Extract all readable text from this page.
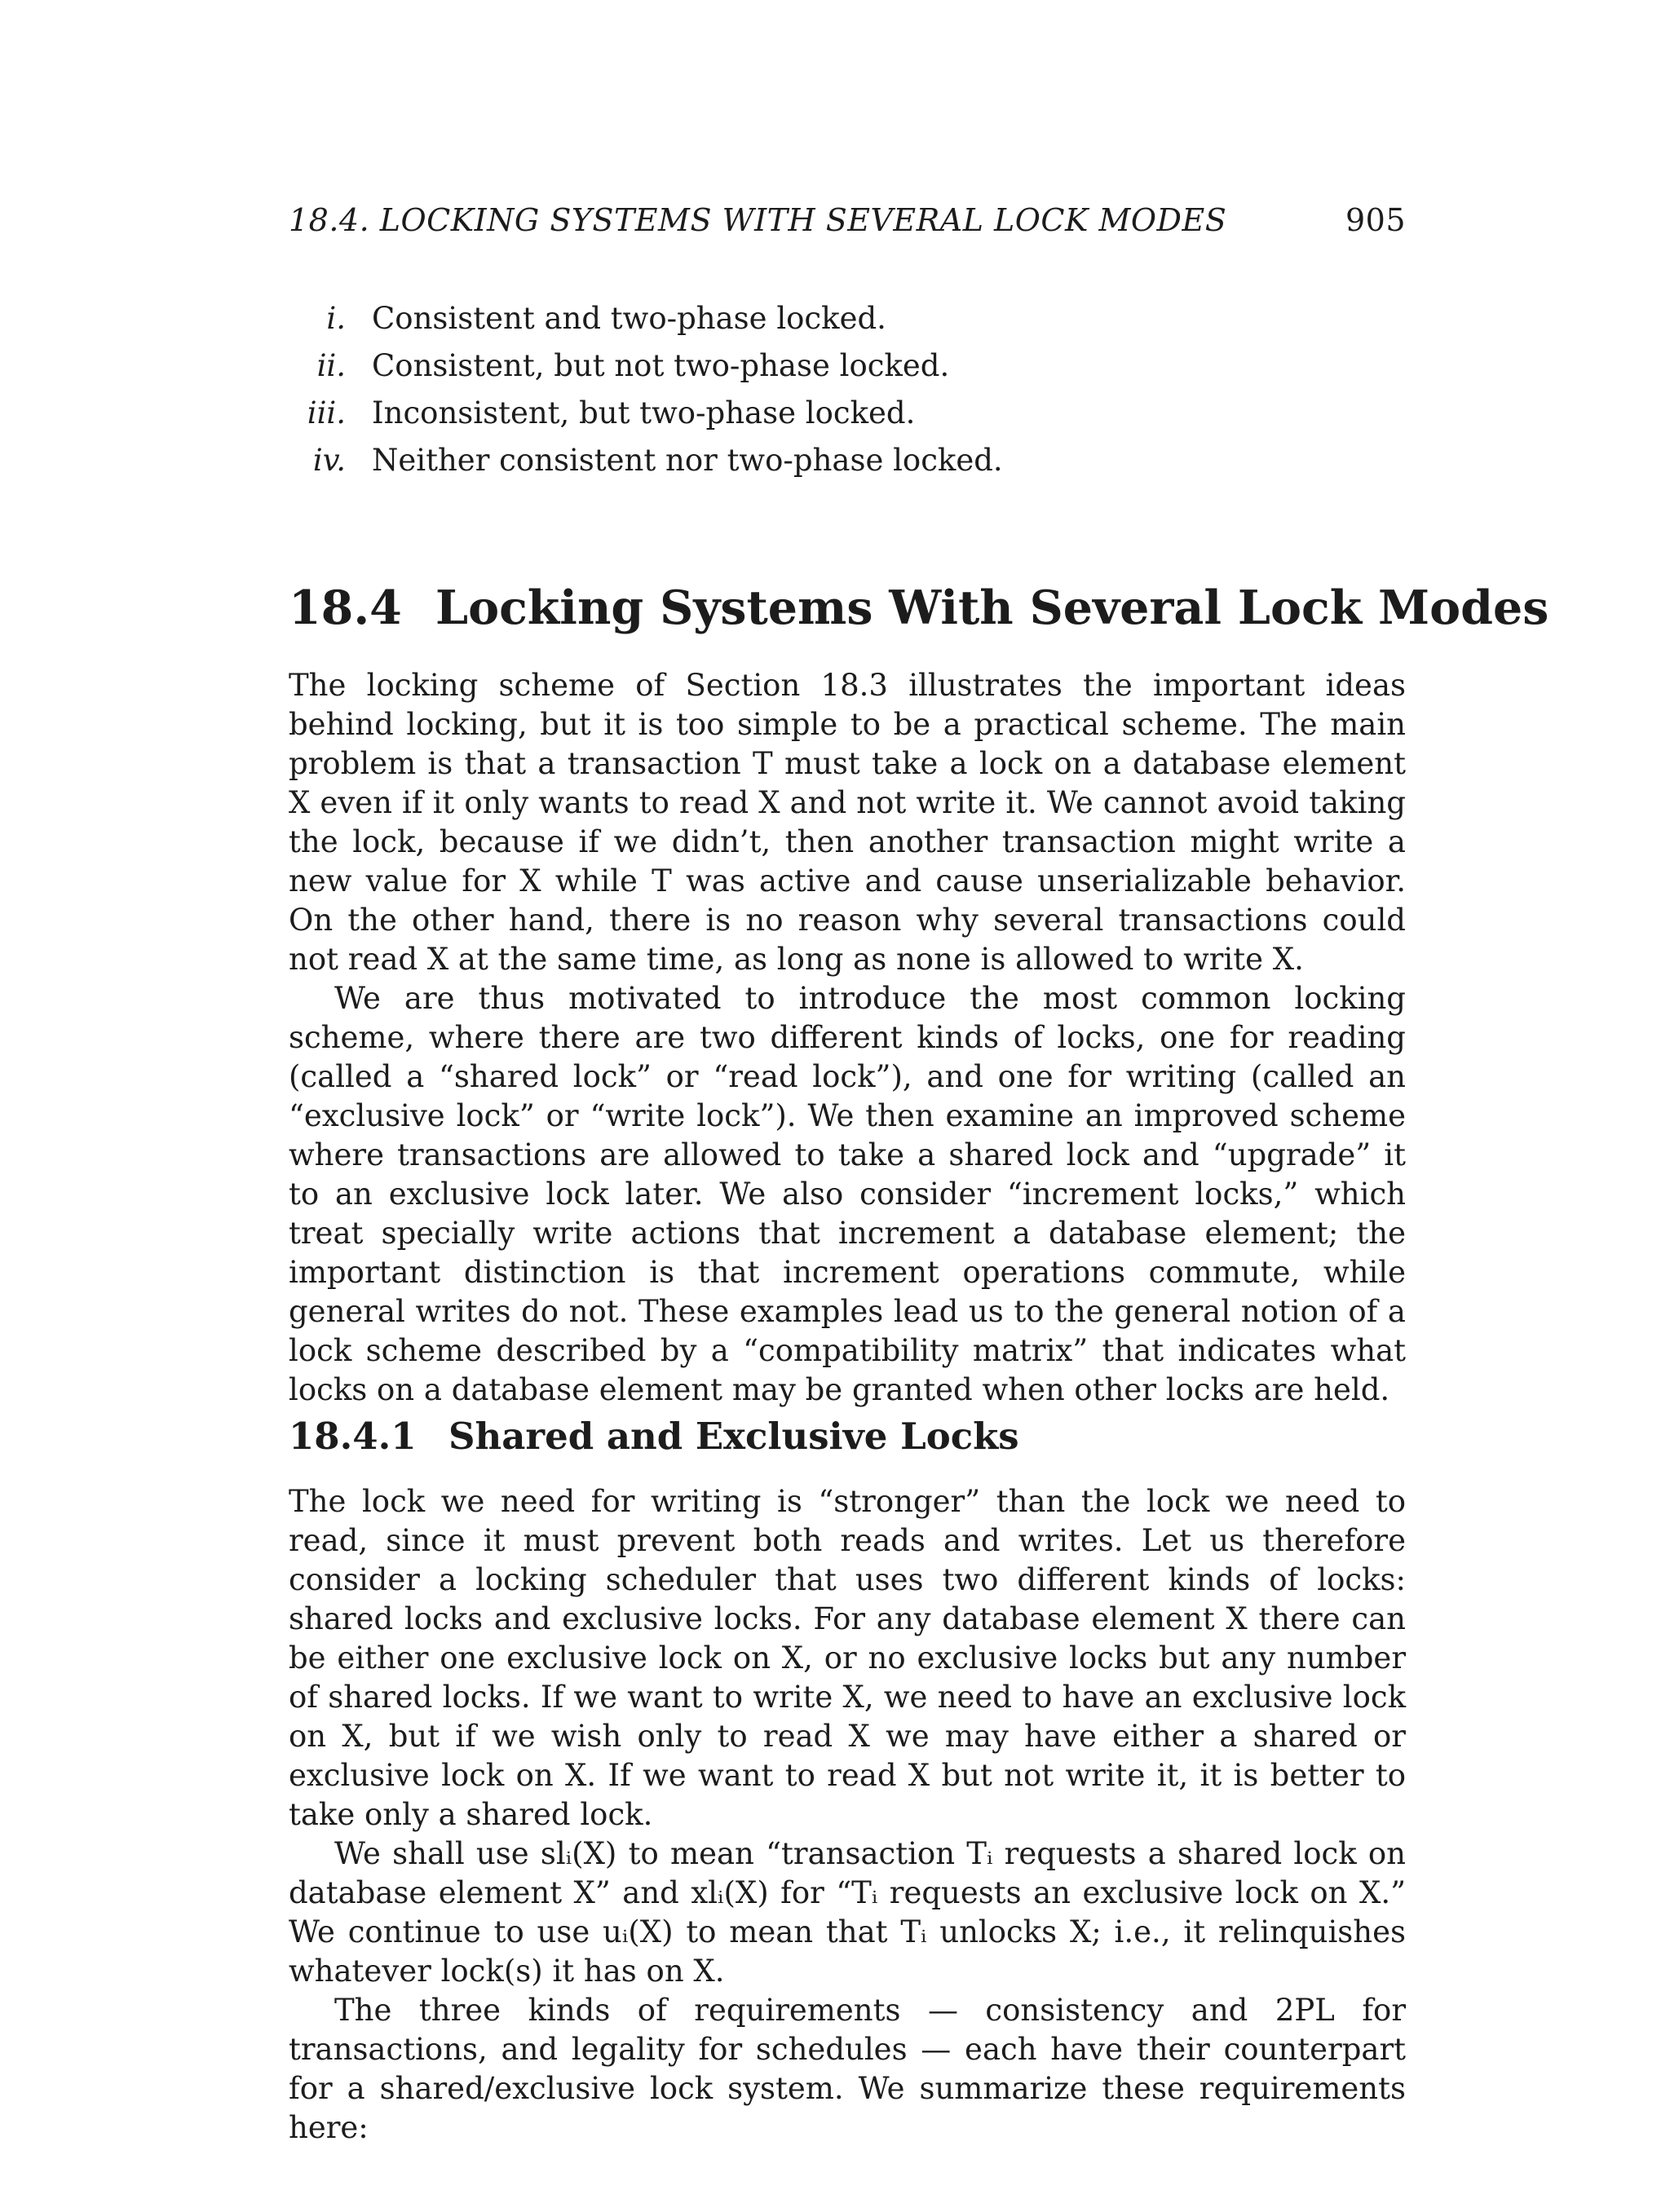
18.4. LOCKING SYSTEMS WITH SEVERAL LOCK MODES	905
i. Consistent and two-phase locked.
ii. Consistent, but not two-phase locked.
iii. Inconsistent, but two-phase locked.
iv. Neither consistent nor two-phase locked.
18.4 Locking Systems With Several Lock Modes

The locking scheme of Section 18.3 illustrates the important ideas behind locking, but it is too simple to be a practical scheme. The main problem is that a transaction T must take a lock on a database element X even if it only wants to read X and not write it. We cannot avoid taking the lock, because if we didn’t, then another transaction might write a new value for X while T was active and cause unserializable behavior. On the other hand, there is no reason why several transactions could not read X at the same time, as long as none is allowed to write X.

We are thus motivated to introduce the most common locking scheme, where there are two different kinds of locks, one for reading (called a “shared lock” or “read lock”), and one for writing (called an “exclusive lock” or “write lock”). We then examine an improved scheme where transactions are allowed to take a shared lock and “upgrade” it to an exclusive lock later. We also consider “increment locks,” which treat specially write actions that increment a database element; the important distinction is that increment operations commute, while general writes do not. These examples lead us to the general notion of a lock scheme described by a “compatibility matrix” that indicates what locks on a database element may be granted when other locks are held.

18.4.1 Shared and Exclusive Locks

The lock we need for writing is “stronger” than the lock we need to read, since it must prevent both reads and writes. Let us therefore consider a locking scheduler that uses two different kinds of locks: shared locks and exclusive locks. For any database element X there can be either one exclusive lock on X, or no exclusive locks but any number of shared locks. If we want to write X, we need to have an exclusive lock on X, but if we wish only to read X we may have either a shared or exclusive lock on X. If we want to read X but not write it, it is better to take only a shared lock.

We shall use slᵢ(X) to mean “transaction Tᵢ requests a shared lock on database element X” and xlᵢ(X) for “Tᵢ requests an exclusive lock on X.” We continue to use uᵢ(X) to mean that Tᵢ unlocks X; i.e., it relinquishes whatever lock(s) it has on X.

The three kinds of requirements — consistency and 2PL for transactions, and legality for schedules — each have their counterpart for a shared/exclusive lock system. We summarize these requirements here:
